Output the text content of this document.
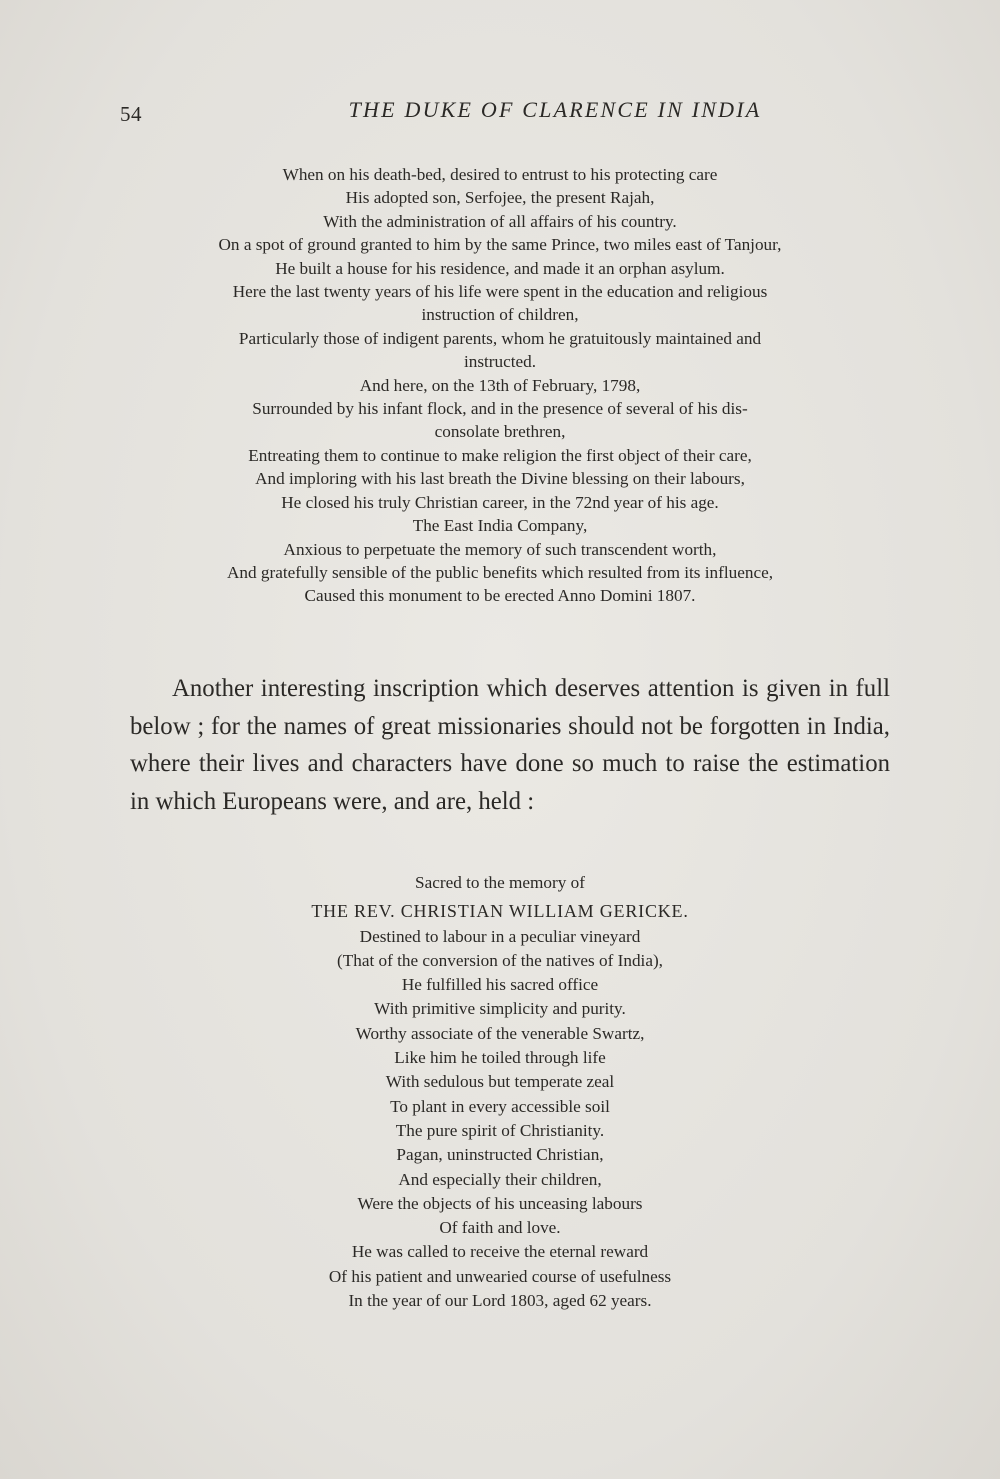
54	THE DUKE OF CLARENCE IN INDIA
When on his death-bed, desired to entrust to his protecting care
His adopted son, Serfojee, the present Rajah,
With the administration of all affairs of his country.
On a spot of ground granted to him by the same Prince, two miles east of Tanjour,
He built a house for his residence, and made it an orphan asylum.
Here the last twenty years of his life were spent in the education and religious
instruction of children,
Particularly those of indigent parents, whom he gratuitously maintained and
instructed.
And here, on the 13th of February, 1798,
Surrounded by his infant flock, and in the presence of several of his dis-
consolate brethren,
Entreating them to continue to make religion the first object of their care,
And imploring with his last breath the Divine blessing on their labours,
He closed his truly Christian career, in the 72nd year of his age.
The East India Company,
Anxious to perpetuate the memory of such transcendent worth,
And gratefully sensible of the public benefits which resulted from its influence,
Caused this monument to be erected Anno Domini 1807.

Another interesting inscription which deserves attention is given in full below ; for the names of great missionaries should not be forgotten in India, where their lives and characters have done so much to raise the estimation in which Europeans were, and are, held :

Sacred to the memory of
THE REV. CHRISTIAN WILLIAM GERICKE.
Destined to labour in a peculiar vineyard
(That of the conversion of the natives of India),
He fulfilled his sacred office
With primitive simplicity and purity.
Worthy associate of the venerable Swartz,
Like him he toiled through life
With sedulous but temperate zeal
To plant in every accessible soil
The pure spirit of Christianity.
Pagan, uninstructed Christian,
And especially their children,
Were the objects of his unceasing labours
Of faith and love.
He was called to receive the eternal reward
Of his patient and unwearied course of usefulness
In the year of our Lord 1803, aged 62 years.
